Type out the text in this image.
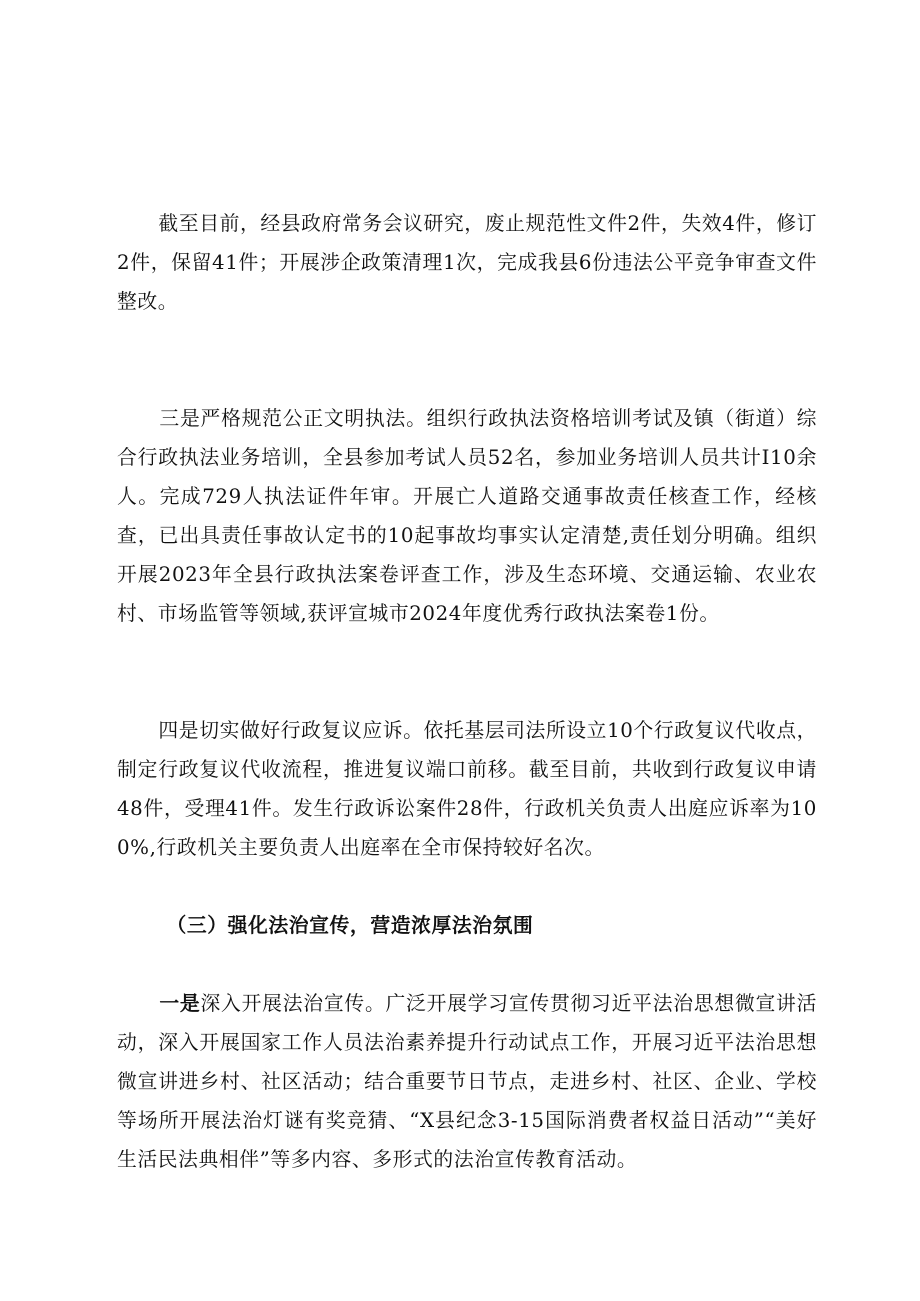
截至目前，经县政府常务会议研究，废止规范性文件2件，失效4件，修订2件，保留41件；开展涉企政策清理1次，完成我县6份违法公平竞争审查文件整改。

三是严格规范公正文明执法。组织行政执法资格培训考试及镇（街道）综合行政执法业务培训，全县参加考试人员52名，参加业务培训人员共计I10余人。完成729人执法证件年审。开展亡人道路交通事故责任核查工作，经核查，已出具责任事故认定书的10起事故均事实认定清楚,责任划分明确。组织开展2023年全县行政执法案卷评查工作，涉及生态环境、交通运输、农业农村、市场监管等领域,获评宣城市2024年度优秀行政执法案卷1份。

四是切实做好行政复议应诉。依托基层司法所设立10个行政复议代收点，制定行政复议代收流程，推进复议端口前移。截至目前，共收到行政复议申请48件，受理41件。发生行政诉讼案件28件，行政机关负责人出庭应诉率为100%,行政机关主要负责人出庭率在全市保持较好名次。

（三）强化法治宣传，营造浓厚法治氛围

一是深入开展法治宣传。广泛开展学习宣传贯彻习近平法治思想微宣讲活动，深入开展国家工作人员法治素养提升行动试点工作，开展习近平法治思想微宣讲进乡村、社区活动；结合重要节日节点，走进乡村、社区、企业、学校等场所开展法治灯谜有奖竞猜、“X县纪念3-15国际消费者权益日活动”“美好生活民法典相伴”等多内容、多形式的法治宣传教育活动。
